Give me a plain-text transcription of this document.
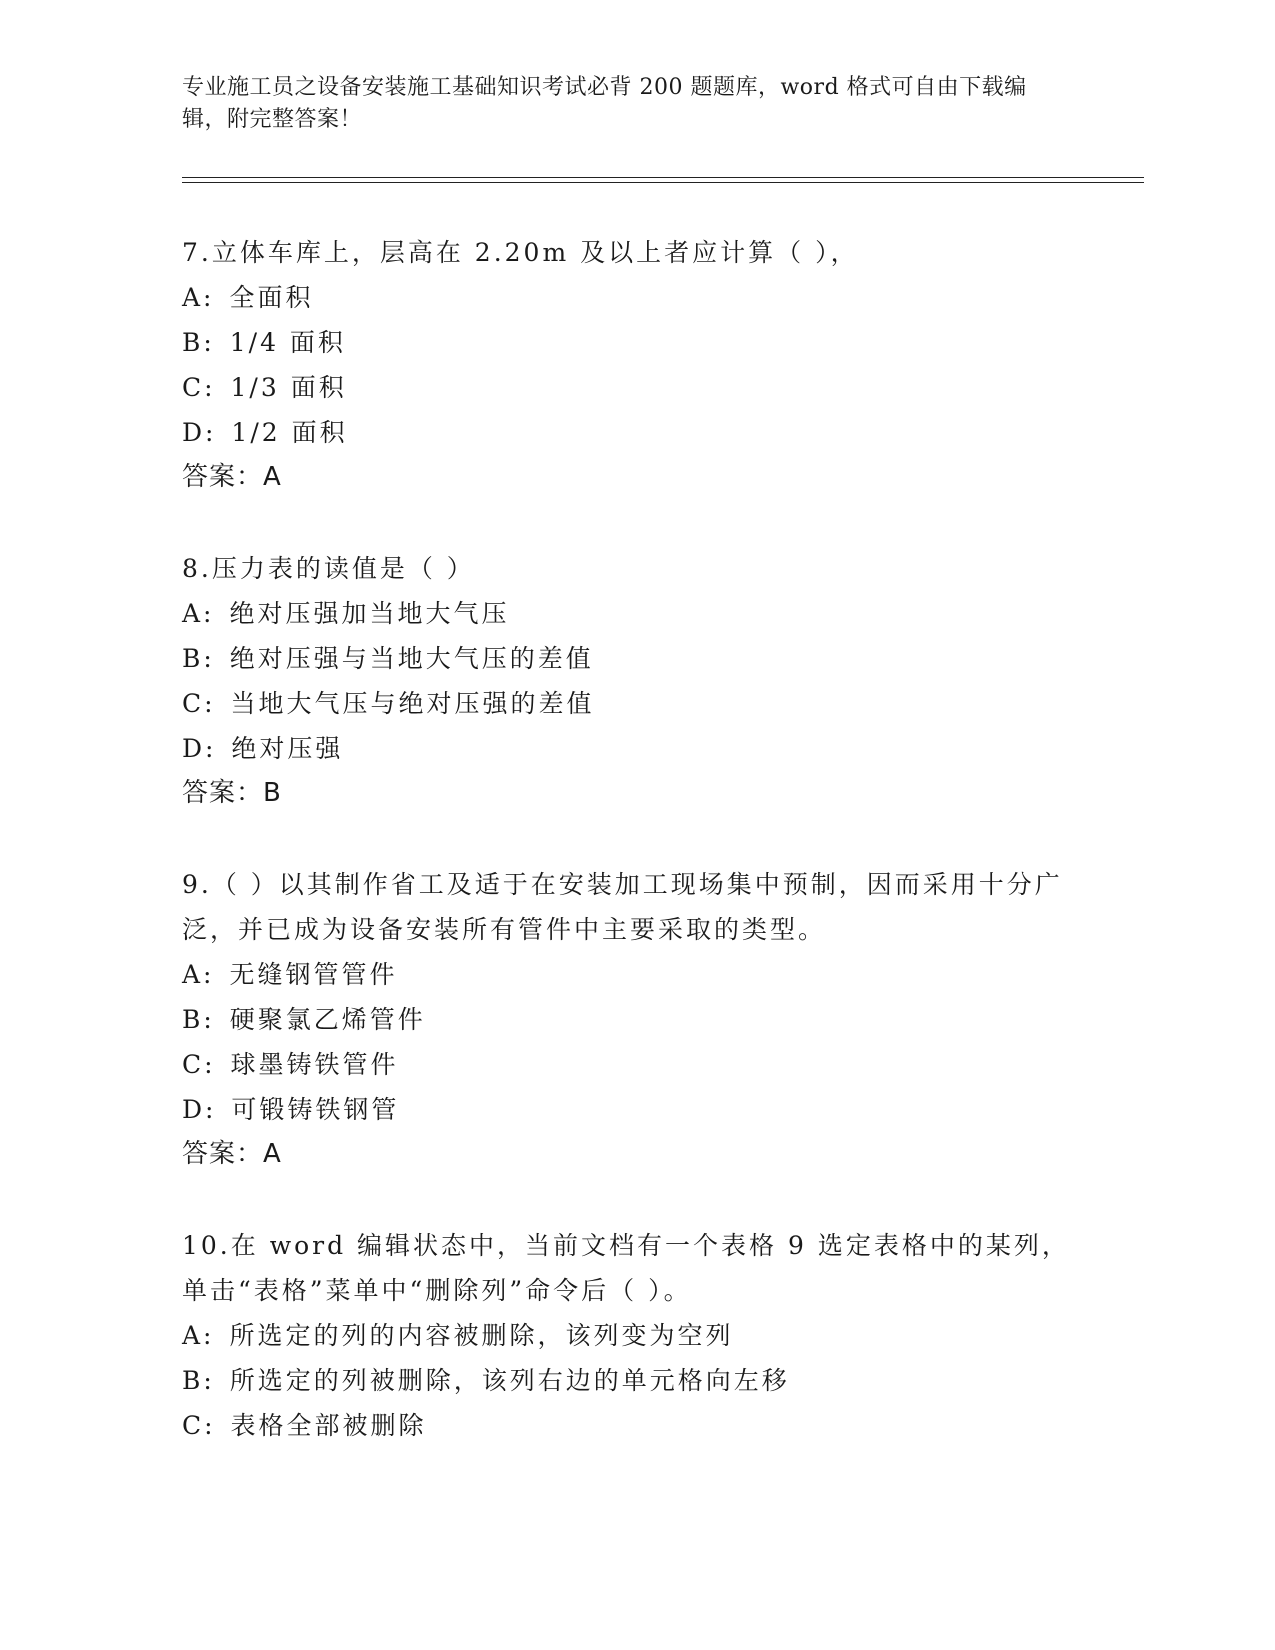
专业施工员之设备安装施工基础知识考试必背 200 题题库，word 格式可自由下载编辑，附完整答案！
7.立体车库上，层高在 2.20m 及以上者应计算（ ），
A: 全面积
B: 1/4 面积
C: 1/3 面积
D: 1/2 面积
答案：A
8.压力表的读值是（ ）
A: 绝对压强加当地大气压
B: 绝对压强与当地大气压的差值
C: 当地大气压与绝对压强的差值
D: 绝对压强
答案：B
9.（ ）以其制作省工及适于在安装加工现场集中预制，因而采用十分广泛，并已成为设备安装所有管件中主要采取的类型。
A: 无缝钢管管件
B: 硬聚氯乙烯管件
C: 球墨铸铁管件
D: 可锻铸铁钢管
答案：A
10.在 word 编辑状态中，当前文档有一个表格 9 选定表格中的某列，单击“表格”菜单中“删除列”命令后（ ）。
A: 所选定的列的内容被删除，该列变为空列
B: 所选定的列被删除，该列右边的单元格向左移
C: 表格全部被删除
